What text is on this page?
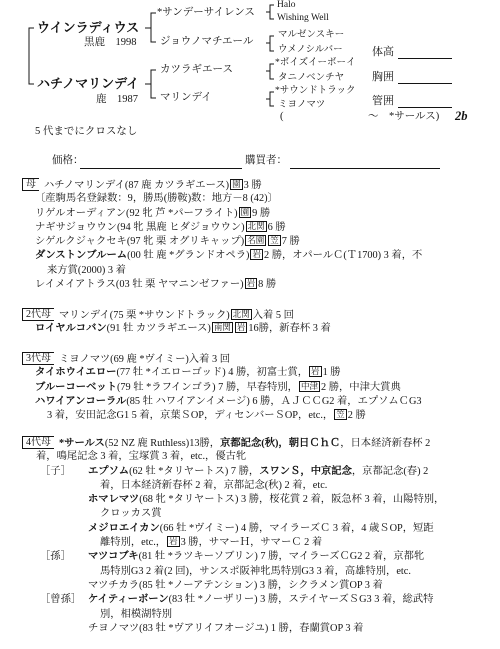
ウインラディウス
黒鹿　1998
ハチノマリンデイ
鹿　1987
*サンデーサイレンス
ジョウノマチエール
カツラギエース
マリンデイ
Halo
Wishing Well
マルゼンスキー
ウメノシルバー
*ボイズイーボーイ
タニノベンチヤ
*サウンドトラック
ミヨノマツ
体高
胸囲
管囲
(	～　*サールス) 2b
5 代までにクロスなし
価格：	購買者：
母 ハチノマリンデイ(87 鹿 カツラギエース) 園 3 勝
〔産駒馬名登録数：9，勝馬(勝鞍)数：地方－8 (42)〕
リゲルオーディアン(92 牝 芦 *パーフライト) 園 9 勝
ナギサジョウウン(94 牝 黒鹿 ヒダジョウウン) 北関 6 勝
シゲルクジャクセキ(97 牝 栗 オグリキャップ) 名園 笠 7 勝
ダンストンブルーム(00 牡 鹿 *グランドオペラ) 岩 2 勝，オパールＣ(Ｔ1700) 3 着，不
来方賞(2000) 3 着
レイメイアトラス(03 牡 栗 ヤマニンゼファー) 岩 8 勝
2代母 マリンデイ(75 栗 *サウンドトラック) 北関 入着 5 回
ロイヤルコバン(91 牡 カツラギエース) 南関 岩 16勝，新春杯 3 着
3代母 ミヨノマツ(69 鹿 *ヴイミー)入着 3 回
タイホウイエロー(77 牡 *イエローゴッド) 4 勝，初富士賞， 岩 1 勝
ブルーコーベット(79 牡 *ラフインゴラ) 7 勝，早春特別， 中津 2 勝，中津大賞典
ハワイアンコーラル(85 牡 ハワイアンイメージ) 6 勝，ＡＪＣＣG2 着，エプソムＣG3
3 着，安田記念G1 5 着，京葉ＳOP，ディセンバーＳOP，etc.， 笠 2 勝
4代母 *サールス(52 NZ 鹿 Ruthless)13勝，京都記念(秋)，朝日ＣｈＣ，日本経済新春杯 2
着，鳴尾記念 3 着，宝塚賞 3 着，etc.，優古牝
［子］ エプソム(62 牡 *タリヤートス) 7 勝，スワンＳ，中京記念，京都記念(春) 2
着，日本経済新春杯 2 着，京都記念(秋) 2 着，etc.
ホマレマツ(68 牝 *タリヤートス) 3 勝，桜花賞 2 着，阪急杯 3 着，山陽特別，
クロッカス賞
メジロエイカン(66 牡 *ヴイミー) 4 勝，マイラーズＣ 3 着，4 歳ＳOP，短距
離特別，etc.， 岩 3 勝，サマーＨ，サマーＣ 2 着
［孫］ マツコブキ(81 牡 *ラツキーソブリン) 7 勝，マイラーズＣG2 2 着，京都牝
馬特別G3 2 着(2 回)，サンスポ阪神牝馬特別G3 3 着，高雄特別，etc.
マツチカラ(85 牡 *ノーアテンション) 3 勝，シクラメン賞OP 3 着
［曾孫］ ケイティーボーン(83 牡 *ノーザリー) 3 勝，ステイヤーズＳG3 3 着，総武特
別，相模湖特別
チヨノマツ(83 牡 *ヴアリイフオージユ) 1 勝，春蘭賞OP 3 着
